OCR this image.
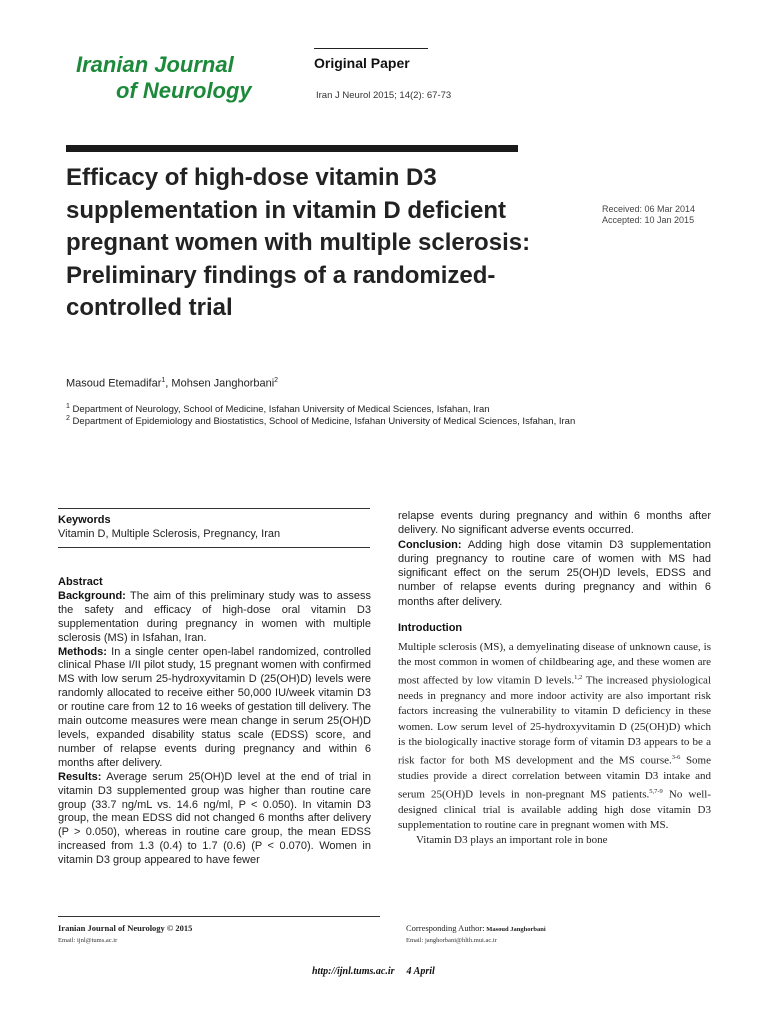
Iranian Journal
of Neurology
Original Paper
Iran J Neurol 2015; 14(2): 67-73
Efficacy of high-dose vitamin D3 supplementation in vitamin D deficient pregnant women with multiple sclerosis: Preliminary findings of a randomized-controlled trial
Received: 06 Mar 2014
Accepted: 10 Jan 2015
Masoud Etemadifar$^1$, Mohsen Janghorbani$^2$
$^1$ Department of Neurology, School of Medicine, Isfahan University of Medical Sciences, Isfahan, Iran
$^2$ Department of Epidemiology and Biostatistics, School of Medicine, Isfahan University of Medical Sciences, Isfahan, Iran
Keywords
Vitamin D, Multiple Sclerosis, Pregnancy, Iran

Abstract

Background: The aim of this preliminary study was to assess the safety and efficacy of high-dose oral vitamin D3 supplementation during pregnancy in women with multiple sclerosis (MS) in Isfahan, Iran.

Methods: In a single center open-label randomized, controlled clinical Phase I/II pilot study, 15 pregnant women with confirmed MS with low serum 25-hydroxyvitamin D (25(OH)D) levels were randomly allocated to receive either 50,000 IU/week vitamin D3 or routine care from 12 to 16 weeks of gestation till delivery. The main outcome measures were mean change in serum 25(OH)D levels, expanded disability status scale (EDSS) score, and number of relapse events during pregnancy and within 6 months after delivery.

Results: Average serum 25(OH)D level at the end of trial in vitamin D3 supplemented group was higher than routine care group (33.7 ng/mL vs. 14.6 ng/ml, P < 0.050). In vitamin D3 group, the mean EDSS did not changed 6 months after delivery (P > 0.050), whereas in routine care group, the mean EDSS increased from 1.3 (0.4) to 1.7 (0.6) (P < 0.070). Women in vitamin D3 group appeared to have fewer

relapse events during pregnancy and within 6 months after delivery. No significant adverse events occurred.

Conclusion: Adding high dose vitamin D3 supplementation during pregnancy to routine care of women with MS had significant effect on the serum 25(OH)D levels, EDSS and number of relapse events during pregnancy and within 6 months after delivery.

Introduction

Multiple sclerosis (MS), a demyelinating disease of unknown cause, is the most common in women of childbearing age, and these women are most affected by low vitamin D levels.$^{1,2}$ The increased physiological needs in pregnancy and more indoor activity are also important risk factors increasing the vulnerability to vitamin D deficiency in these women. Low serum level of 25-hydroxyvitamin D (25(OH)D) which is the biologically inactive storage form of vitamin D3 appears to be a risk factor for both MS development and the MS course.$^{3-6}$ Some studies provide a direct correlation between vitamin D3 intake and serum 25(OH)D levels in non-pregnant MS patients.$^{5,7-9}$ No well-designed clinical trial is available adding high dose vitamin D3 supplementation to routine care in pregnant women with MS.

Vitamin D3 plays an important role in bone

Iranian Journal of Neurology © 2015
Email: ijnl@tums.ac.ir
Corresponding Author: Masoud Janghorbani
Email: janghorbani@hlth.mui.ac.ir
http://ijnl.tums.ac.ir 4 April
